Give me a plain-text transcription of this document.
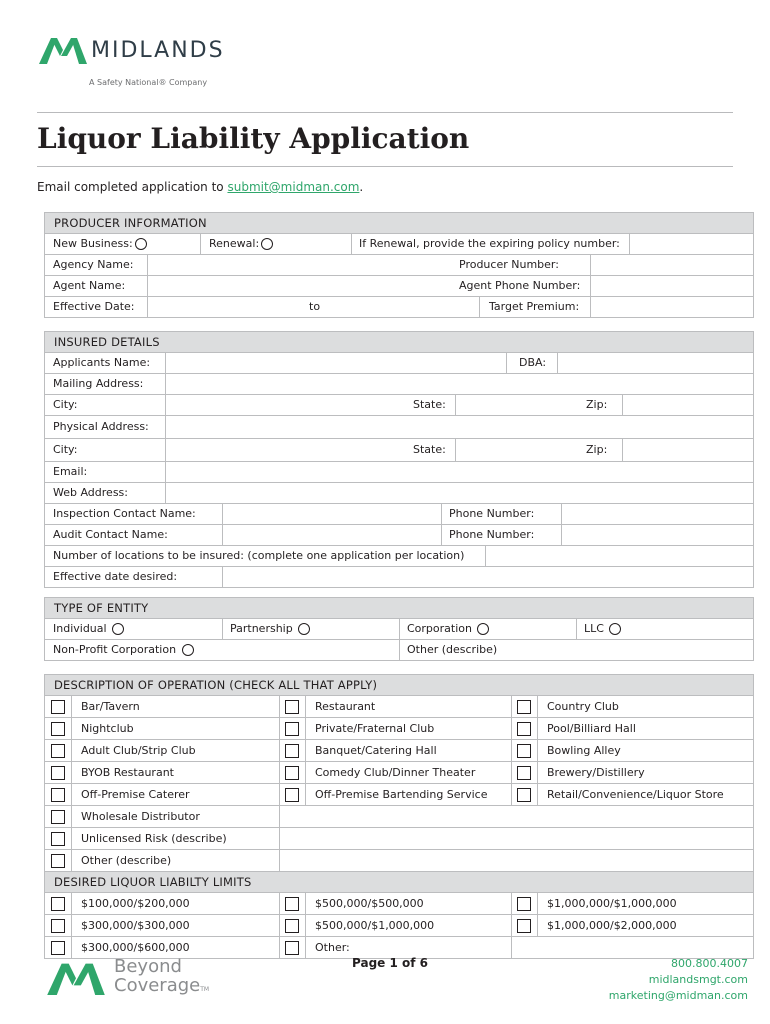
MIDLANDS
A Safety National® Company
Liquor Liability Application
Email completed application to submit@midman.com.
PRODUCER INFORMATION
New Business:	Renewal:	If Renewal, provide the expiring policy number:
Agency Name:	Producer Number:
Agent Name:	Agent Phone Number:
Effective Date:	to	Target Premium:
INSURED DETAILS
Applicants Name:	DBA:
Mailing Address:
City:	State:	Zip:
Physical Address:
City:	State:	Zip:
Email:
Web Address:
Inspection Contact Name:	Phone Number:
Audit Contact Name:	Phone Number:
Number of locations to be insured: (complete one application per location)
Effective date desired:
TYPE OF ENTITY
Individual	Partnership	Corporation	LLC
Non-Profit Corporation	Other (describe)
DESCRIPTION OF OPERATION (CHECK ALL THAT APPLY)
Bar/Tavern	Restaurant	Country Club
Nightclub	Private/Fraternal Club	Pool/Billiard Hall
Adult Club/Strip Club	Banquet/Catering Hall	Bowling Alley
BYOB Restaurant	Comedy Club/Dinner Theater	Brewery/Distillery
Off-Premise Caterer	Off-Premise Bartending Service	Retail/Convenience/Liquor Store
Wholesale Distributor
Unlicensed Risk (describe)
Other (describe)
DESIRED LIQUOR LIABILTY LIMITS
$100,000/$200,000	$500,000/$500,000	$1,000,000/$1,000,000
$300,000/$300,000	$500,000/$1,000,000	$1,000,000/$2,000,000
$300,000/$600,000	Other:
Beyond
CoverageTM
Page 1 of 6	800.800.4007
midlandsmgt.com
marketing@midman.com
